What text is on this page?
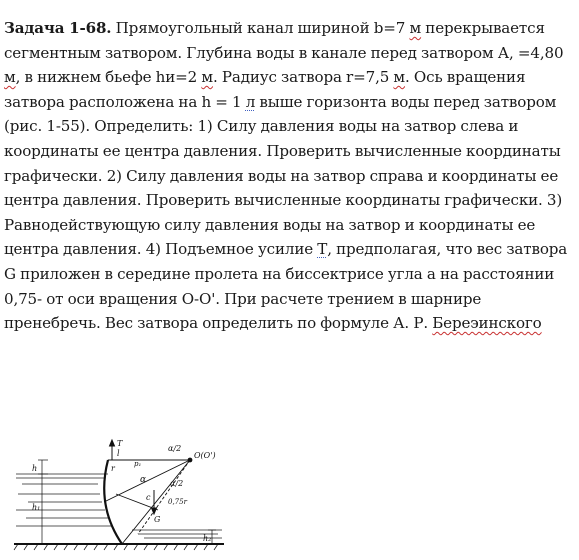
Задача 1-68. Прямоугольный канал шириной b=7 м перекрывается сегментным затвором. Глубина воды в канале перед затвором А, =4,80 м, в нижнем бьефе hи=2 м. Радиус затвора r=7,5 м. Ось вращения затвора расположена на h = 1 л выше горизонта воды перед затвором (рис. 1-55). Определить: 1) Силу давления воды на затвор слева и координаты ее центра давления. Проверить вычисленные координаты графически. 2) Силу давления воды на затвор справа и координаты ее центра давления. Проверить вычисленные координаты графически. 3) Равнодействующую силу давления воды на затвор и координаты ее центра давления. 4) Подъемное усилие Т, предполагая, что вес затвора G приложен в середине пролета на биссектрисе угла а на расстоянии 0,75- от оси вращения О-О'. При расчете трением в шарнире пренебречь. Вес затвора определить по формуле А. Р. Береэинского
T
l
r
h
h₁
h₂
α/2
α/2
α
p₁
c
G
0,75r
O(O')
